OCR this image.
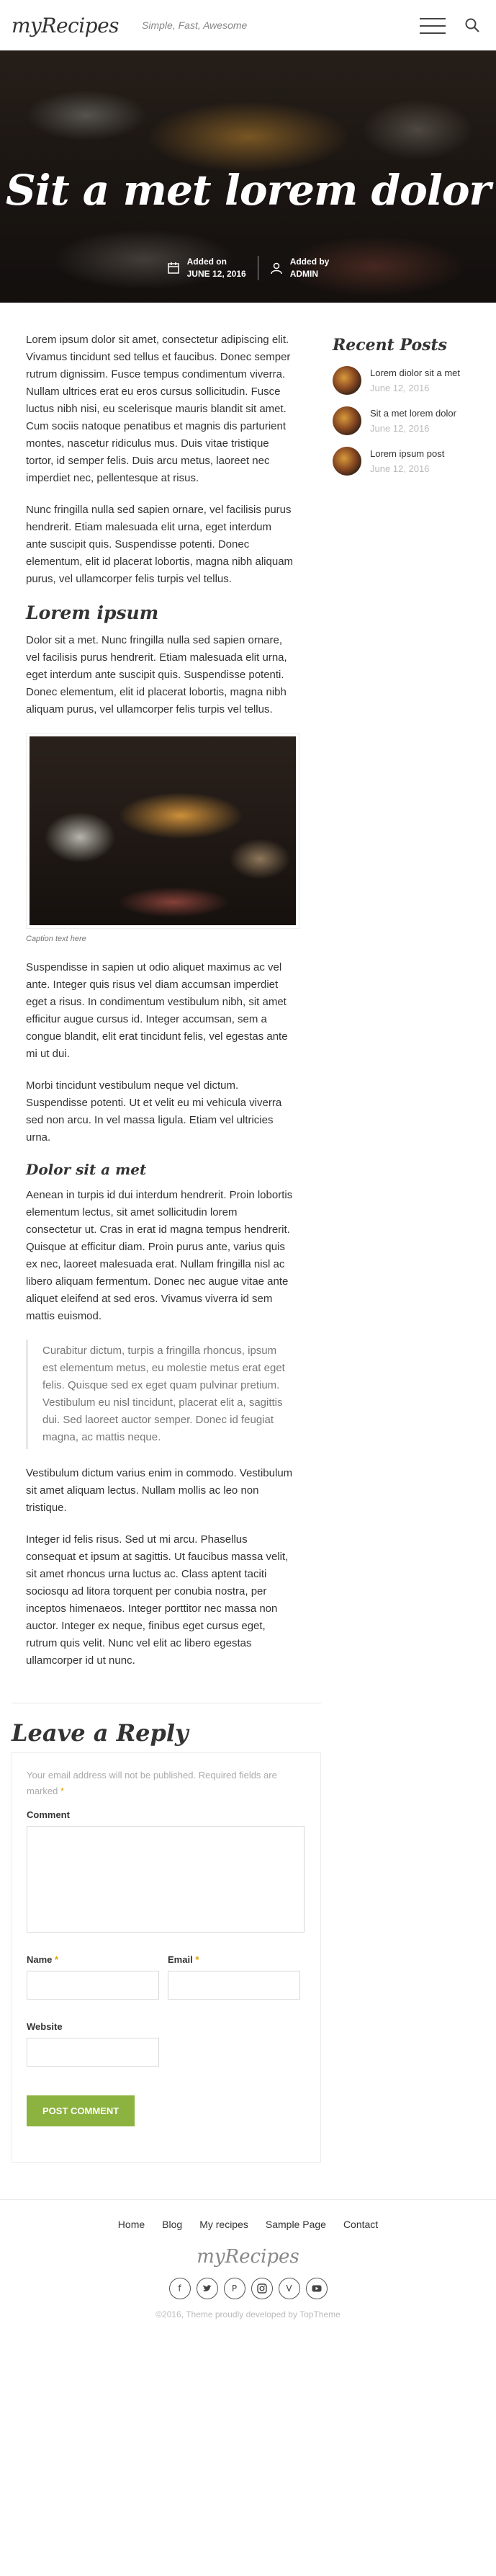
myRecipes Simple, Fast, Awesome
Sit a met lorem dolor
Added on
JUNE 12, 2016
Added by
ADMIN

Lorem ipsum dolor sit amet, consectetur adipiscing elit. Vivamus tincidunt sed tellus et faucibus. Donec semper rutrum dignissim. Fusce tempus condimentum viverra. Nullam ultrices erat eu eros cursus sollicitudin. Fusce luctus nibh nisi, eu scelerisque mauris blandit sit amet. Cum sociis natoque penatibus et magnis dis parturient montes, nascetur ridiculus mus. Duis vitae tristique tortor, id semper felis. Duis arcu metus, laoreet nec imperdiet nec, pellentesque at risus.

Nunc fringilla nulla sed sapien ornare, vel facilisis purus hendrerit. Etiam malesuada elit urna, eget interdum ante suscipit quis. Suspendisse potenti. Donec elementum, elit id placerat lobortis, magna nibh aliquam purus, vel ullamcorper felis turpis vel tellus.

Lorem ipsum

Dolor sit a met. Nunc fringilla nulla sed sapien ornare, vel facilisis purus hendrerit. Etiam malesuada elit urna, eget interdum ante suscipit quis. Suspendisse potenti. Donec elementum, elit id placerat lobortis, magna nibh aliquam purus, vel ullamcorper felis turpis vel tellus.

Caption text here

Suspendisse in sapien ut odio aliquet maximus ac vel ante. Integer quis risus vel diam accumsan imperdiet eget a risus. In condimentum vestibulum nibh, sit amet efficitur augue cursus id. Integer accumsan, sem a congue blandit, elit erat tincidunt felis, vel egestas ante mi ut dui.

Morbi tincidunt vestibulum neque vel dictum. Suspendisse potenti. Ut et velit eu mi vehicula viverra sed non arcu. In vel massa ligula. Etiam vel ultricies urna.

Dolor sit a met

Aenean in turpis id dui interdum hendrerit. Proin lobortis elementum lectus, sit amet sollicitudin lorem consectetur ut. Cras in erat id magna tempus hendrerit. Quisque at efficitur diam. Proin purus ante, varius quis ex nec, laoreet malesuada erat. Nullam fringilla nisl ac libero aliquam fermentum. Donec nec augue vitae ante aliquet eleifend at sed eros. Vivamus viverra id sem mattis euismod.

Curabitur dictum, turpis a fringilla rhoncus, ipsum est elementum metus, eu molestie metus erat eget felis. Quisque sed ex eget quam pulvinar pretium. Vestibulum eu nisl tincidunt, placerat elit a, sagittis dui. Sed laoreet auctor semper. Donec id feugiat magna, ac mattis neque.

Vestibulum dictum varius enim in commodo. Vestibulum sit amet aliquam lectus. Nullam mollis ac leo non tristique.

Integer id felis risus. Sed ut mi arcu. Phasellus consequat et ipsum at sagittis. Ut faucibus massa velit, sit amet rhoncus urna luctus ac. Class aptent taciti sociosqu ad litora torquent per conubia nostra, per inceptos himenaeos. Integer porttitor nec massa non auctor. Integer ex neque, finibus eget cursus eget, rutrum quis velit. Nunc vel elit ac libero egestas ullamcorper id ut nunc.

Recent Posts
Lorem diolor sit a met
June 12, 2016
Sit a met lorem dolor
June 12, 2016
Lorem ipsum post
June 12, 2016
Leave a Reply
Your email address will not be published. Required fields are marked *
Comment
Name *	Email *
Website
POST COMMENT
Home Blog My recipes Sample Page Contact
myRecipes
f	P	V
©2016, Theme proudly developed by TopTheme
